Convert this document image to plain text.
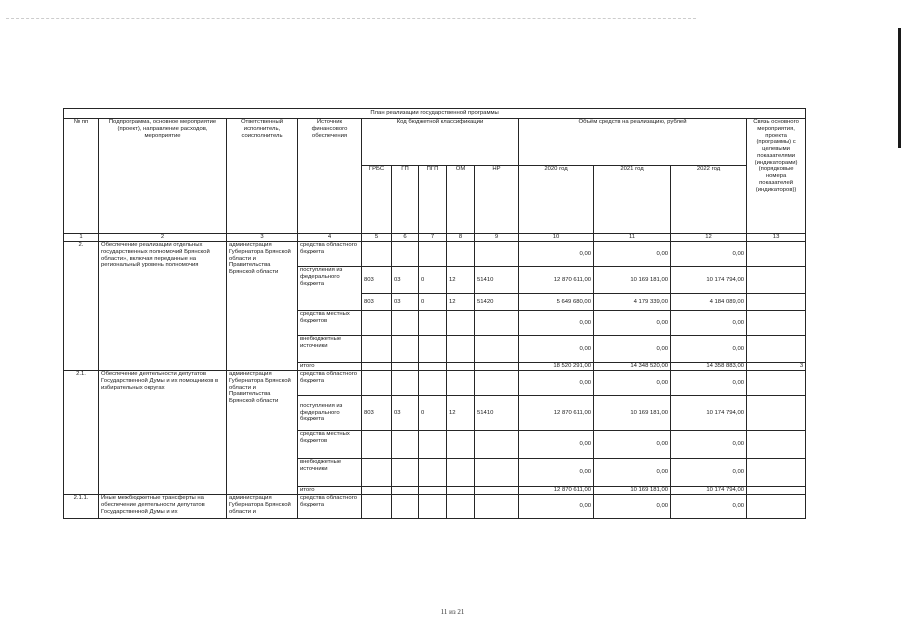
План реализации государственной программы												
№ пп	Подпрограмма, основное мероприятие (проект), направление расходов, мероприятие	Ответственный исполнитель, соисполнитель	Источник финансового обеспечения	Код бюджетной классификации					Объём средств на реализацию, рублей			Связь основного мероприятия, проекта (программы) с целевыми показателями (индикаторами) (порядковые номера показателей (индикаторов))
				ГРБС	ГП	ПГП	ОМ	НР	2020 год	2021 год	2022 год	
1	2	3	4	5	6	7	8	9	10	11	12	13
2.	Обеспечение реализации отдельных государственных полномочий Брянской области», включая переданные на региональный уровень полномочия	администрация Губернатора Брянской области и Правительства Брянской области	средства областного бюджета						0,00	0,00	0,00	
			поступления из федерального бюджета	803	03	0	12	51410	12 870 611,00	10 169 181,00	10 174 794,00	
				803	03	0	12	51420	5 649 680,00	4 179 339,00	4 184 089,00	
			средства местных бюджетов						0,00	0,00	0,00	
			внебюджетные источники						0,00	0,00	0,00	
			итого						18 520 291,00	14 348 520,00	14 358 883,00	3
2.1.	Обеспечение деятельности депутатов Государственной Думы и их помощников в избирательных округах	администрация Губернатора Брянской области и Правительства Брянской области	средства областного бюджета						0,00	0,00	0,00	
			поступления из федерального бюджета	803	03	0	12	51410	12 870 611,00	10 169 181,00	10 174 794,00	
			средства местных бюджетов						0,00	0,00	0,00	
			внебюджетные источники						0,00	0,00	0,00	
			итого						12 870 611,00	10 169 181,00	10 174 794,00	
2.1.1.	Иные межбюджетные трансферты на обеспечение деятельности депутатов Государственной Думы и их	администрация Губернатора Брянской области и	средства областного бюджета						0,00	0,00	0,00	
11 из 21
